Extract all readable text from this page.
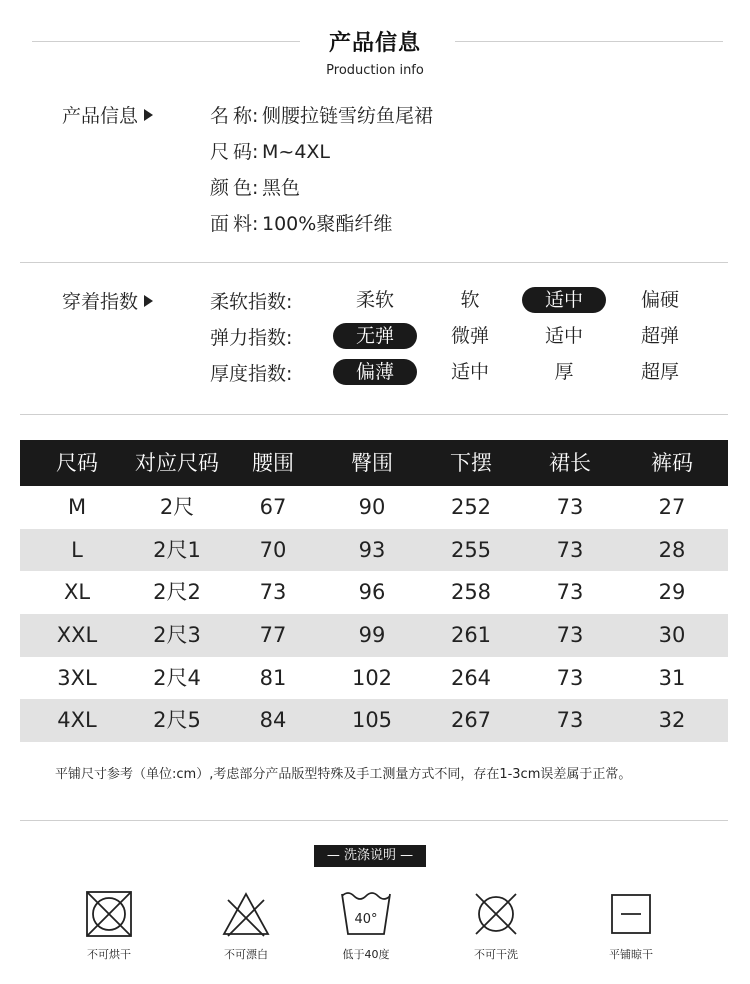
产品信息
Production info
产品信息	名称: 侧腰拉链雪纺鱼尾裙
尺码: M~4XL
颜色: 黑色
面料: 100%聚酯纤维
穿着指数	柔软指数:	柔软	软	适中	偏硬
弹力指数:	无弹	微弹	适中	超弹
厚度指数:	偏薄	适中	厚	超厚
尺码	对应尺码	腰围	臀围	下摆	裙长	裤码
M	2尺	67	90	252	73	27
L	2尺1	70	93	255	73	28
XL	2尺2	73	96	258	73	29
XXL	2尺3	77	99	261	73	30
3XL	2尺4	81	102	264	73	31
4XL	2尺5	84	105	267	73	32
平铺尺寸参考（单位:cm）,考虑部分产品版型特殊及手工测量方式不同，存在1-3cm误差属于正常。
— 洗涤说明 —
不可烘干	不可漂白
40°
低于40度	不可干洗	平铺晾干
